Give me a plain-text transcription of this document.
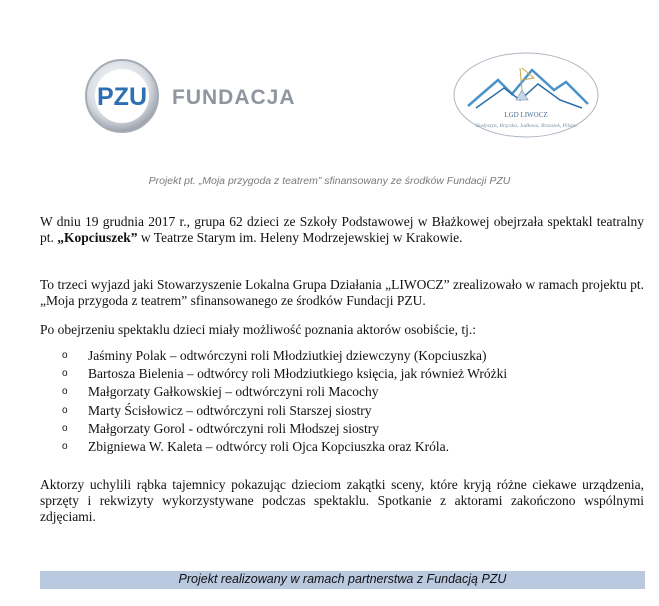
PZU FUNDACJA
LGD LIWOCZ
Skołyszyn, Brzyska, Jodłowa, Brzostek, Pilzno
Projekt pt. „Moja przygoda z teatrem” sfinansowany ze środków Fundacji PZU

W dniu 19 grudnia 2017 r., grupa 62 dzieci ze Szkoły Podstawowej w Błażkowej obejrzała spektakl teatralny pt. „Kopciuszek” w Teatrze Starym im. Heleny Modrzejewskiej w Krakowie.

To trzeci wyjazd jaki Stowarzyszenie Lokalna Grupa Działania „LIWOCZ” zrealizowało w ramach projektu pt. „Moja przygoda z teatrem” sfinansowanego ze środków Fundacji PZU.

Po obejrzeniu spektaklu dzieci miały możliwość poznania aktorów osobiście, tj.:

o Jaśminy Polak – odtwórczyni roli Młodziutkiej dziewczyny (Kopciuszka)
o Bartosza Bielenia – odtwórcy roli Młodziutkiego księcia, jak również Wróżki
o Małgorzaty Gałkowskiej – odtwórczyni roli Macochy
o Marty Ścisłowicz – odtwórczyni roli Starszej siostry
o Małgorzaty Gorol - odtwórczyni roli Młodszej siostry
o Zbigniewa W. Kaleta – odtwórcy roli Ojca Kopciuszka oraz Króla.

Aktorzy uchylili rąbka tajemnicy pokazując dzieciom zakątki sceny, które kryją różne ciekawe urządzenia, sprzęty i rekwizyty wykorzystywane podczas spektaklu. Spotkanie z aktorami zakończono wspólnymi zdjęciami.

Projekt realizowany w ramach partnerstwa z Fundacją PZU
